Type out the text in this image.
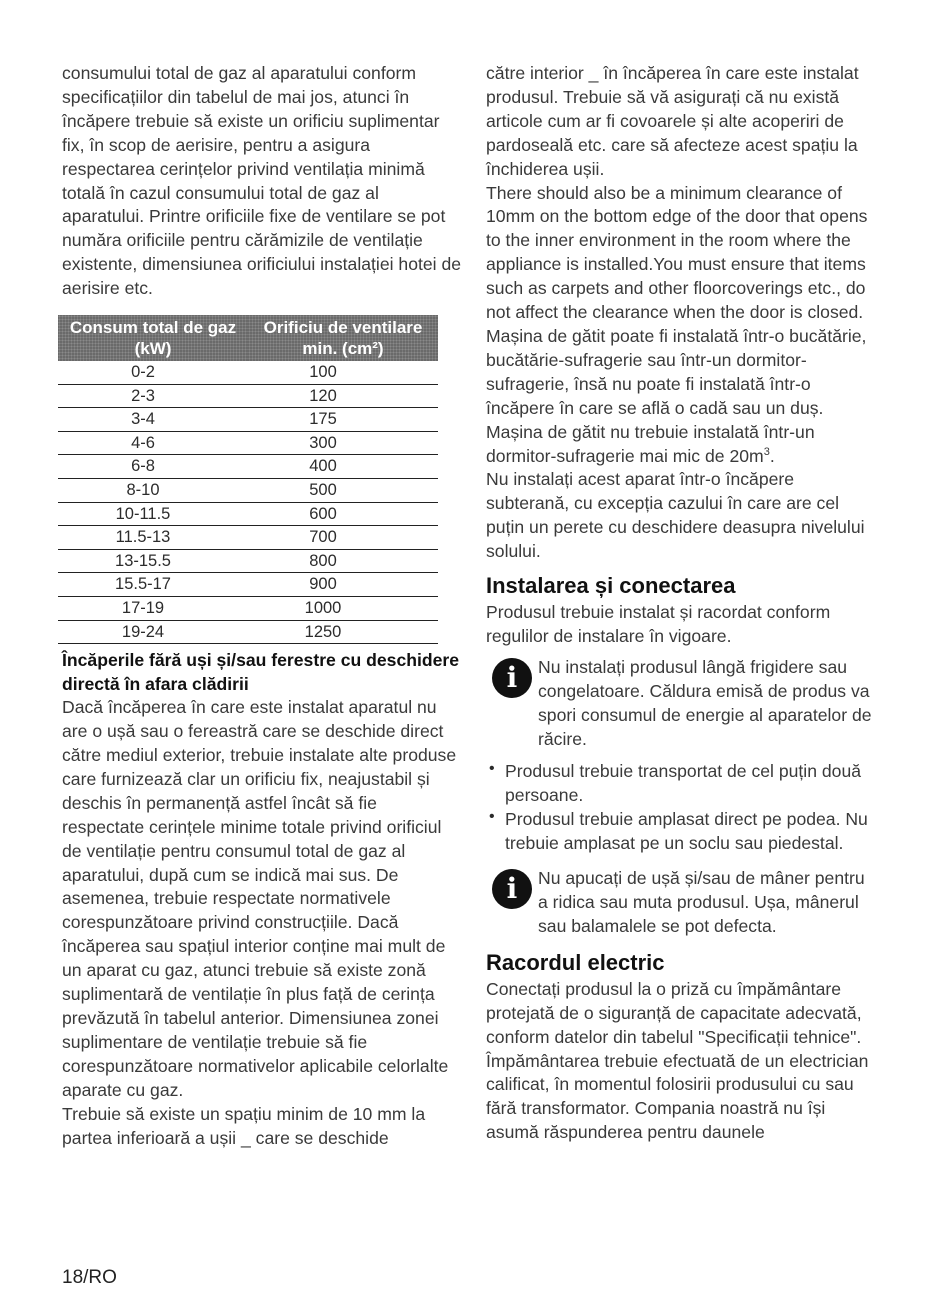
consumului total de gaz al aparatului conform specificațiilor din tabelul de mai jos, atunci în încăpere trebuie să existe un orificiu suplimentar fix, în scop de aerisire, pentru a asigura respectarea cerințelor privind ventilația minimă totală în cazul consumului total de gaz al aparatului. Printre orificiile fixe de ventilare se pot număra orificiile pentru cărămizile de ventilație existente, dimensiunea orificiului instalației hotei de aerisire etc.

Consum total de gaz (kW)	Orificiu de ventilare min. (cm²)
0-2	100
2-3	120
3-4	175
4-6	300
6-8	400
8-10	500
10-11.5	600
11.5-13	700
13-15.5	800
15.5-17	900
17-19	1000
19-24	1250
Încăperile fără uși și/sau ferestre cu deschidere directă în afara clădirii

Dacă încăperea în care este instalat aparatul nu are o ușă sau o fereastră care se deschide direct către mediul exterior, trebuie instalate alte produse care furnizează clar un orificiu fix, neajustabil și deschis în permanență astfel încât să fie respectate cerințele minime totale privind orificiul de ventilație pentru consumul total de gaz al aparatului, după cum se indică mai sus. De asemenea, trebuie respectate normativele corespunzătoare privind construcțiile. Dacă încăperea sau spațiul interior conține mai mult de un aparat cu gaz, atunci trebuie să existe zonă suplimentară de ventilație în plus față de cerința prevăzută în tabelul anterior. Dimensiunea zonei suplimentare de ventilație trebuie să fie corespunzătoare normativelor aplicabile celorlalte aparate cu gaz.

Trebuie să existe un spațiu minim de 10 mm la partea inferioară a ușii _ care se deschide

către interior _ în încăperea în care este instalat produsul. Trebuie să vă asigurați că nu există articole cum ar fi covoarele și alte acoperiri de pardoseală etc. care să afecteze acest spațiu la închiderea ușii.

There should also be a minimum clearance of 10mm on the bottom edge of the door that opens to the inner environment in the room where the appliance is installed.You must ensure that items such as carpets and other floorcoverings etc., do not affect the clearance when the door is closed.

Mașina de gătit poate fi instalată într-o bucătărie, bucătărie-sufragerie sau într-un dormitor-sufragerie, însă nu poate fi instalată într-o încăpere în care se află o cadă sau un duș. Mașina de gătit nu trebuie instalată într-un dormitor-sufragerie mai mic de $20m^3$.

Nu instalați acest aparat într-o încăpere subterană, cu excepția cazului în care are cel puțin un perete cu deschidere deasupra nivelului solului.

Instalarea și conectarea

Produsul trebuie instalat și racordat conform regulilor de instalare în vigoare.

i	Nu instalați produsul lângă frigidere sau congelatoare. Căldura emisă de produs va spori consumul de energie al aparatelor de răcire.

• Produsul trebuie transportat de cel puțin două persoane.

• Produsul trebuie amplasat direct pe podea. Nu trebuie amplasat pe un soclu sau piedestal.

i	Nu apucați de ușă și/sau de mâner pentru a ridica sau muta produsul. Ușa, mânerul sau balamalele se pot defecta.

Racordul electric

Conectați produsul la o priză cu împământare protejată de o siguranță de capacitate adecvată, conform datelor din tabelul "Specificații tehnice". Împământarea trebuie efectuată de un electrician calificat, în momentul folosirii produsului cu sau fără transformator. Compania noastră nu își asumă răspunderea pentru daunele

18/RO
